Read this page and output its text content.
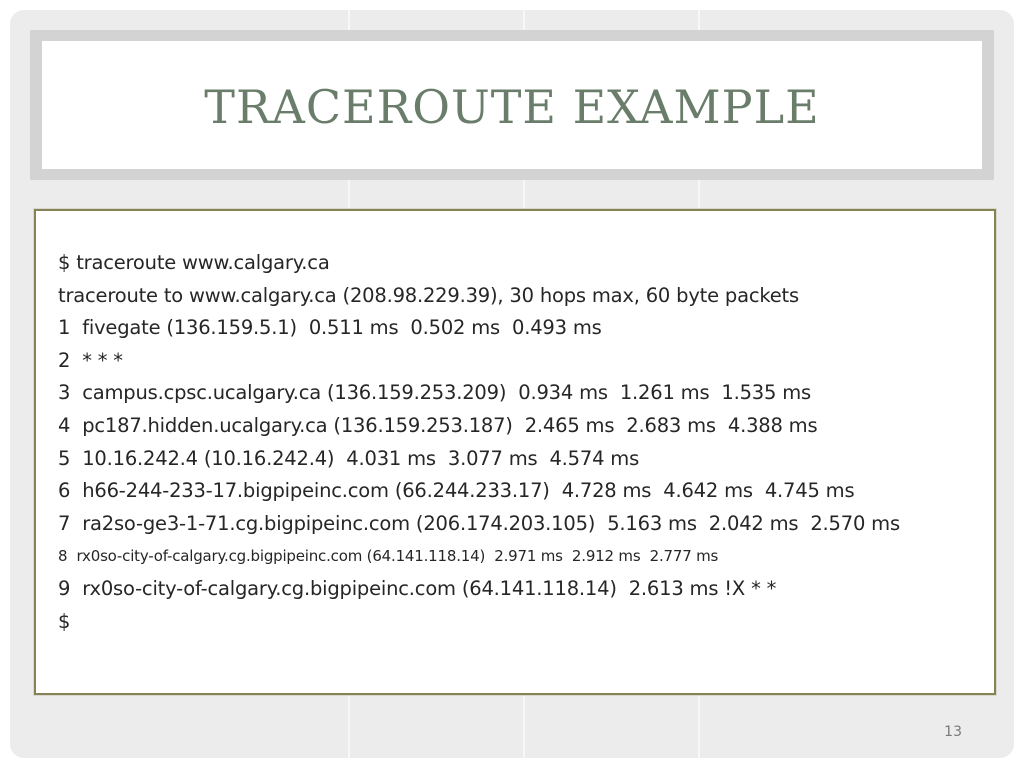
TRACEROUTE EXAMPLE
$ traceroute www.calgary.ca
traceroute to www.calgary.ca (208.98.229.39), 30 hops max, 60 byte packets
1  fivegate (136.159.5.1)  0.511 ms  0.502 ms  0.493 ms
2  * * *
3  campus.cpsc.ucalgary.ca (136.159.253.209)  0.934 ms  1.261 ms  1.535 ms
4  pc187.hidden.ucalgary.ca (136.159.253.187)  2.465 ms  2.683 ms  4.388 ms
5  10.16.242.4 (10.16.242.4)  4.031 ms  3.077 ms  4.574 ms
6  h66-244-233-17.bigpipeinc.com (66.244.233.17)  4.728 ms  4.642 ms  4.745 ms
7  ra2so-ge3-1-71.cg.bigpipeinc.com (206.174.203.105)  5.163 ms  2.042 ms  2.570 ms
8  rx0so-city-of-calgary.cg.bigpipeinc.com (64.141.118.14)  2.971 ms  2.912 ms  2.777 ms
9  rx0so-city-of-calgary.cg.bigpipeinc.com (64.141.118.14)  2.613 ms !X * *
$
13
